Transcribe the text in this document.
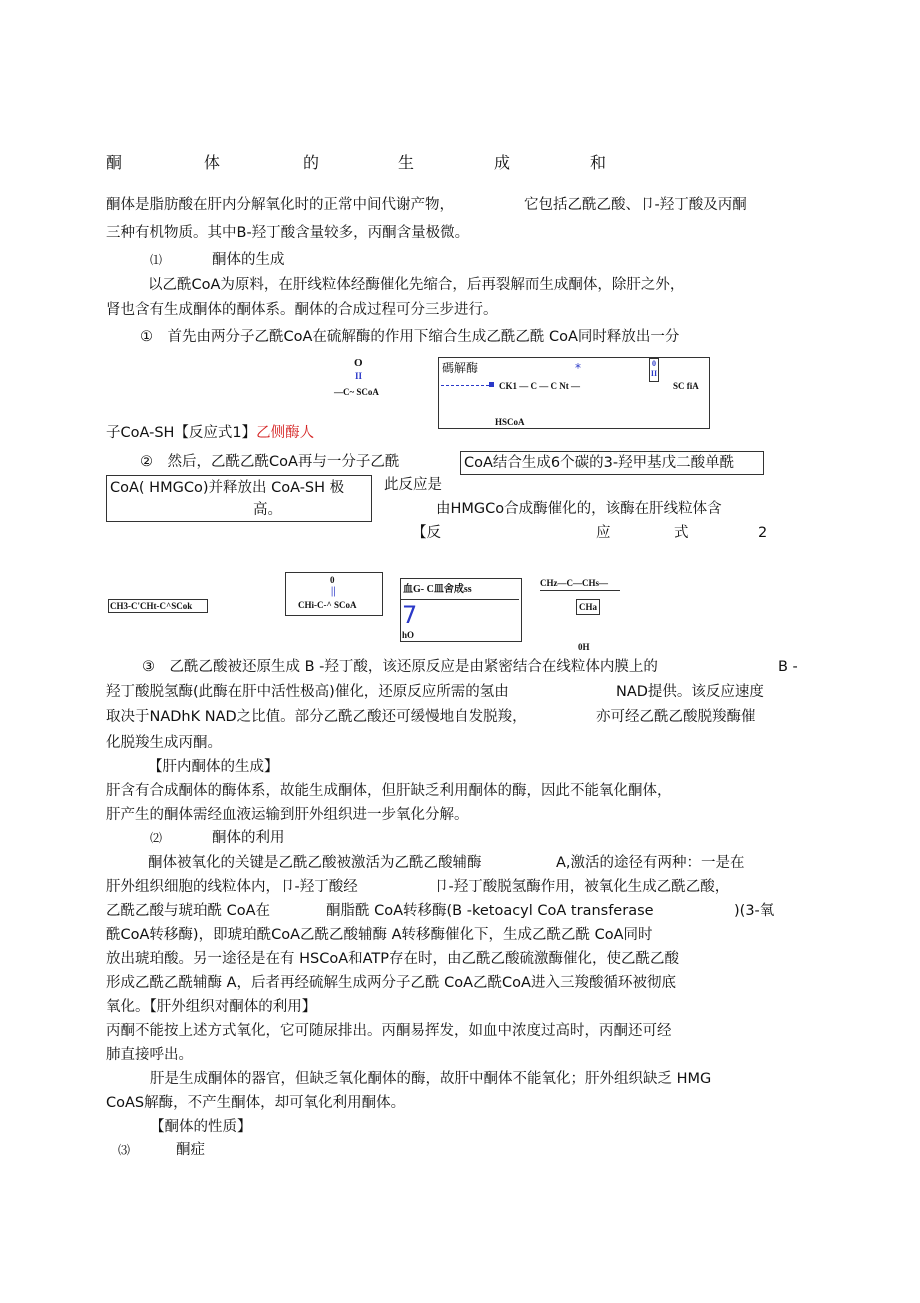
酮	体	的	生	成	和
酮体是脂肪酸在肝内分解氧化时的正常中间代谢产物，	它包括乙酰乙酸、卩-羟丁酸及丙酮
三种有机物质。其中B-羟丁酸含量较多，丙酮含量极微。
⑴	酮体的生成
以乙酰CoA为原料，在肝线粒体经酶催化先缩合，后再裂解而生成酮体，除肝之外，
肾也含有生成酮体的酮体系。酮体的合成过程可分三步进行。
①　首先由两分子乙酰CoA在硫解酶的作用下缩合生成乙酰乙酰 CoA同时释放出一分
O
II
—C~ SCoA
碼解酶	*
CK1 — C — C Nt —
0
II
SC fiA
HSCoA
子CoA-SH【反应式1】乙侧酶人
②　然后，乙酰乙酰CoA再与一分子乙酰	CoA结合生成6个碳的3-羟甲基戊二酸单酰
CoA( HMGCo)并释放出 CoA-SH 极
高。
此反应是
由HMGCo合成酶催化的，该酶在肝线粒体含
【反	应	式	2
CH3-C'CHt-C^SCok
0
||
CHi-C-^ SCoA
血G- C皿舍成ss
7
hO
CHz—C—CHs—
CHa
0H
③　乙酰乙酸被还原生成 B -羟丁酸，该还原反应是由紧密结合在线粒体内膜上的	B -
羟丁酸脱氢酶(此酶在肝中活性极高)催化，还原反应所需的氢由	NAD提供。该反应速度
取决于NADhK NAD之比值。部分乙酰乙酸还可缓慢地自发脱羧，	亦可经乙酰乙酸脱羧酶催
化脱羧生成丙酮。
【肝内酮体的生成】
肝含有合成酮体的酶体系，故能生成酮体，但肝缺乏利用酮体的酶，因此不能氧化酮体，
肝产生的酮体需经血液运输到肝外组织进一步氧化分解。
⑵	酮体的利用
酮体被氧化的关键是乙酰乙酸被激活为乙酰乙酸辅酶	A,激活的途径有两种：一是在
肝外组织细胞的线粒体内，卩-羟丁酸经	卩-羟丁酸脱氢酶作用，被氧化生成乙酰乙酸，
乙酰乙酸与琥珀酰 CoA在	酮脂酰 CoA转移酶(B -ketoacyl CoA transferase	)(3-氧
酰CoA转移酶)，即琥珀酰CoA乙酰乙酸辅酶 A转移酶催化下，生成乙酰乙酰 CoA同时
放出琥珀酸。另一途径是在有 HSCoA和ATP存在时，由乙酰乙酸硫激酶催化，使乙酰乙酸
形成乙酰乙酰辅酶 A，后者再经硫解生成两分子乙酰 CoA乙酰CoA进入三羧酸循环被彻底
氧化。【肝外组织对酮体的利用】
丙酮不能按上述方式氧化，它可随尿排出。丙酮易挥发，如血中浓度过高时，丙酮还可经
肺直接呼出。
肝是生成酮体的器官，但缺乏氧化酮体的酶，故肝中酮体不能氧化；肝外组织缺乏 HMG
CoAS解酶，不产生酮体，却可氧化利用酮体。
【酮体的性质】
⑶	酮症
